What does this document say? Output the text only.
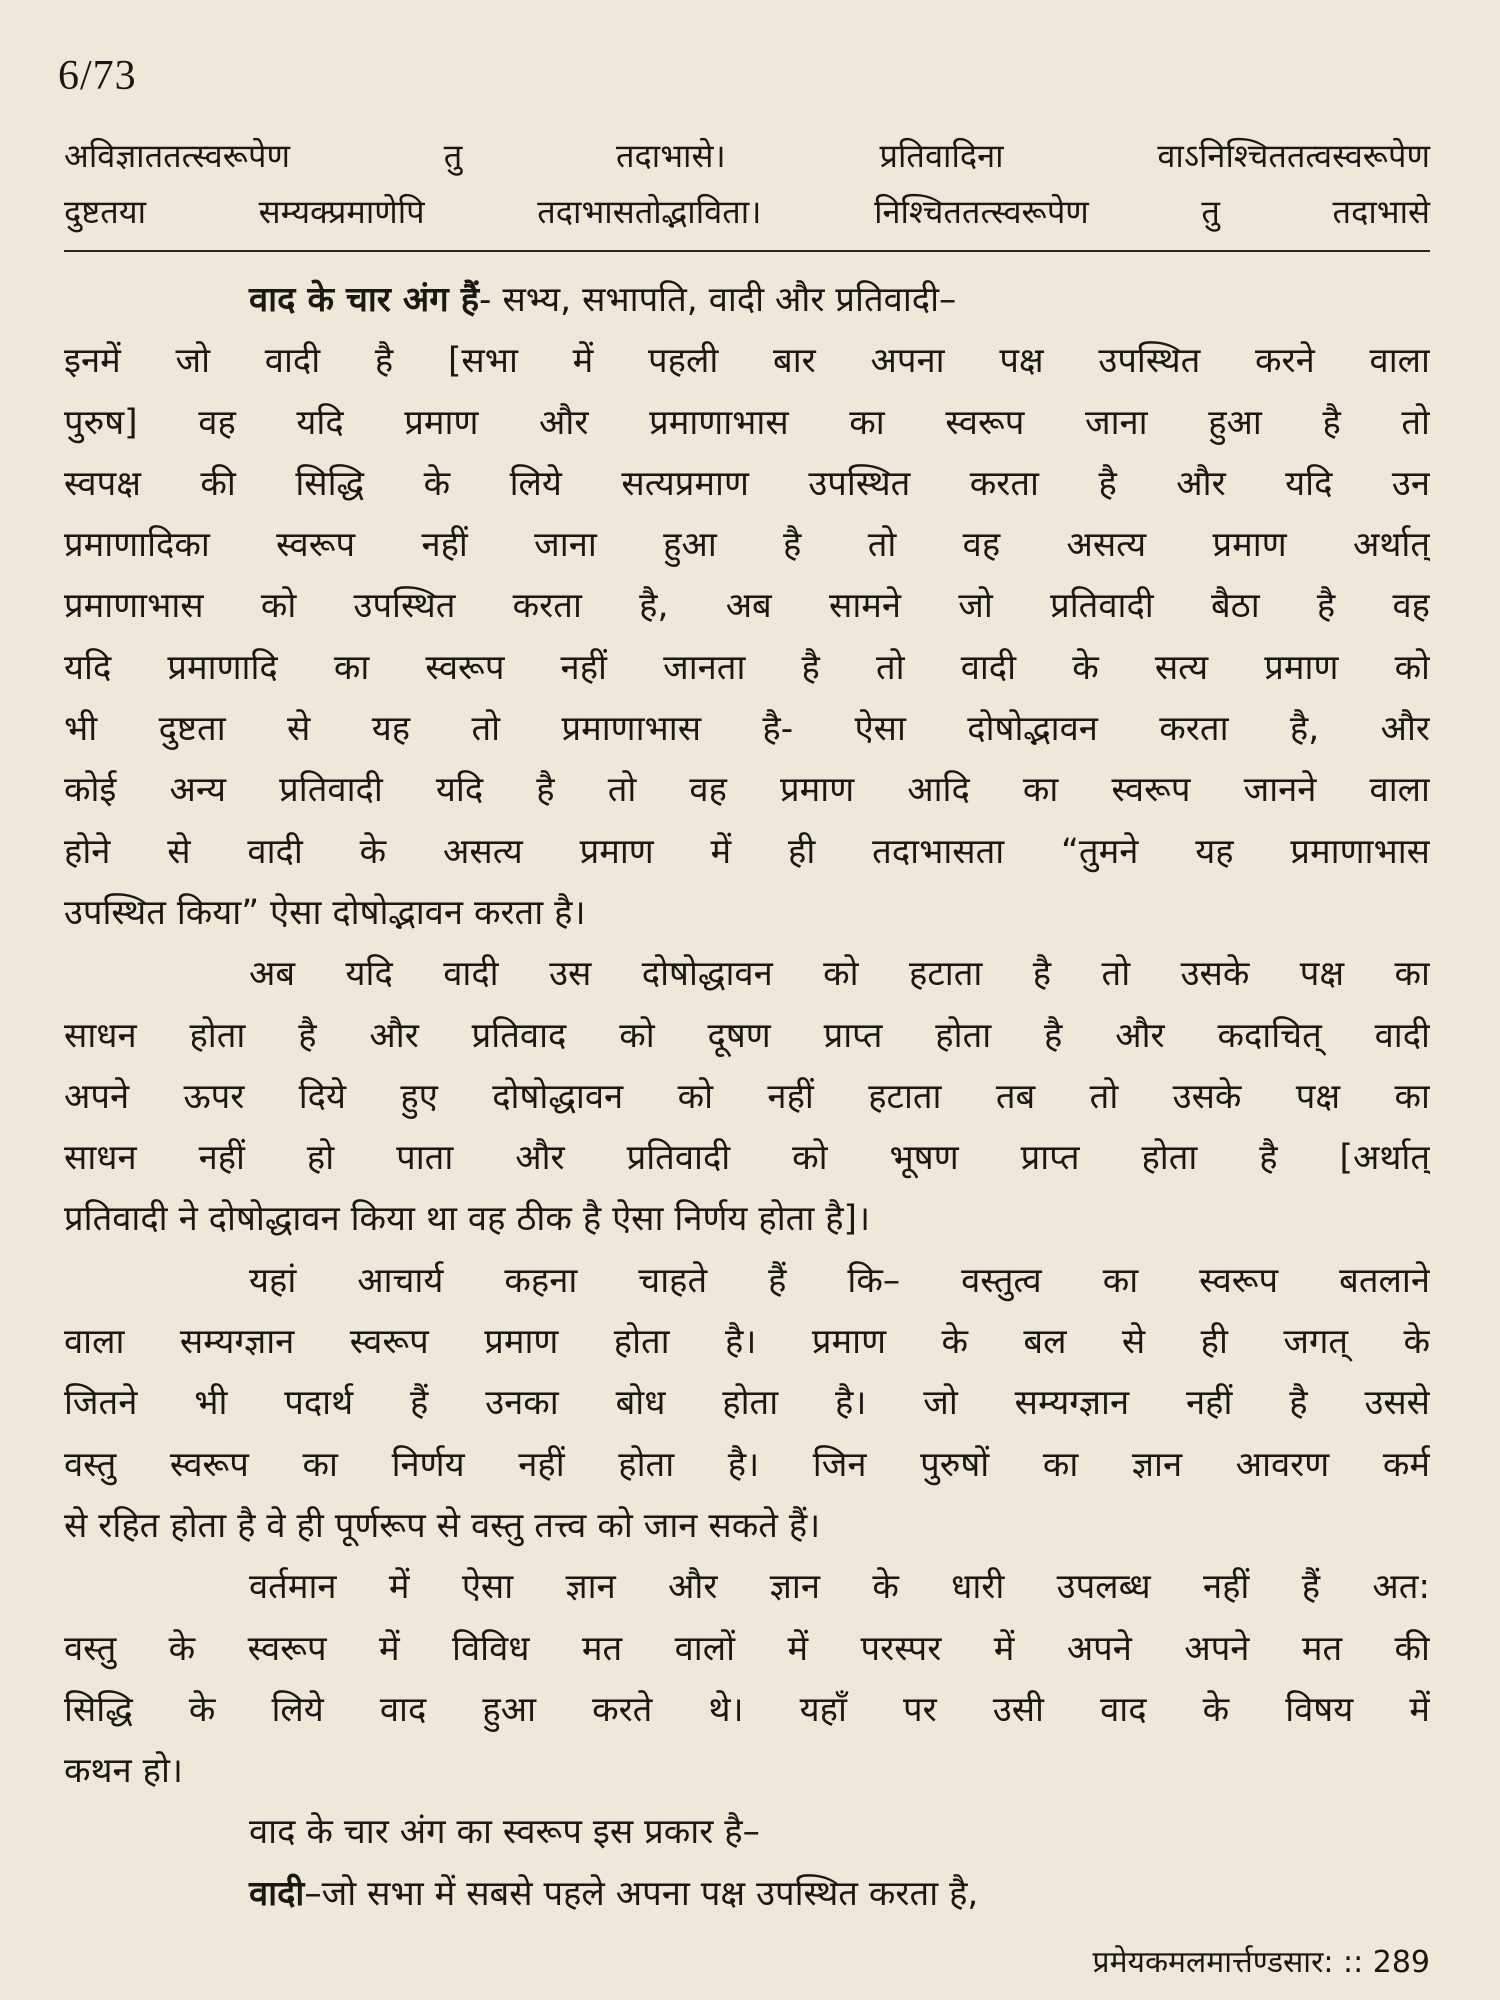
6/73
अविज्ञाततत्स्वरूपेण तु तदाभासे। प्रतिवादिना वाऽनिश्चिततत्वस्वरूपेण
दुष्टतया सम्यक्प्रमाणेपि तदाभासतोद्भाविता। निश्चिततत्स्वरूपेण तु तदाभासे
वाद के चार अंग हैं- सभ्य, सभापति, वादी और प्रतिवादी–
इनमें जो वादी है [सभा में पहली बार अपना पक्ष उपस्थित करने वाला
पुरुष] वह यदि प्रमाण और प्रमाणाभास का स्वरूप जाना हुआ है तो
स्वपक्ष की सिद्धि के लिये सत्यप्रमाण उपस्थित करता है और यदि उन
प्रमाणादिका स्वरूप नहीं जाना हुआ है तो वह असत्य प्रमाण अर्थात्
प्रमाणाभास को उपस्थित करता है, अब सामने जो प्रतिवादी बैठा है वह
यदि प्रमाणादि का स्वरूप नहीं जानता है तो वादी के सत्य प्रमाण को
भी दुष्टता से यह तो प्रमाणाभास है- ऐसा दोषोद्भावन करता है, और
कोई अन्य प्रतिवादी यदि है तो वह प्रमाण आदि का स्वरूप जानने वाला
होने से वादी के असत्य प्रमाण में ही तदाभासता “तुमने यह प्रमाणाभास
उपस्थित किया” ऐसा दोषोद्भावन करता है।
अब यदि वादी उस दोषोद्धावन को हटाता है तो उसके पक्ष का
साधन होता है और प्रतिवाद को दूषण प्राप्त होता है और कदाचित् वादी
अपने ऊपर दिये हुए दोषोद्धावन को नहीं हटाता तब तो उसके पक्ष का
साधन नहीं हो पाता और प्रतिवादी को भूषण प्राप्त होता है [अर्थात्
प्रतिवादी ने दोषोद्धावन किया था वह ठीक है ऐसा निर्णय होता है]।
यहां आचार्य कहना चाहते हैं कि– वस्तुत्व का स्वरूप बतलाने
वाला सम्यग्ज्ञान स्वरूप प्रमाण होता है। प्रमाण के बल से ही जगत् के
जितने भी पदार्थ हैं उनका बोध होता है। जो सम्यग्ज्ञान नहीं है उससे
वस्तु स्वरूप का निर्णय नहीं होता है। जिन पुरुषों का ज्ञान आवरण कर्म
से रहित होता है वे ही पूर्णरूप से वस्तु तत्त्व को जान सकते हैं।
वर्तमान में ऐसा ज्ञान और ज्ञान के धारी उपलब्ध नहीं हैं अत:
वस्तु के स्वरूप में विविध मत वालों में परस्पर में अपने अपने मत की
सिद्धि के लिये वाद हुआ करते थे। यहाँ पर उसी वाद के विषय में
कथन हो।
वाद के चार अंग का स्वरूप इस प्रकार है–
वादी–जो सभा में सबसे पहले अपना पक्ष उपस्थित करता है,
प्रमेयकमलमार्त्तण्डसार: :: 289
